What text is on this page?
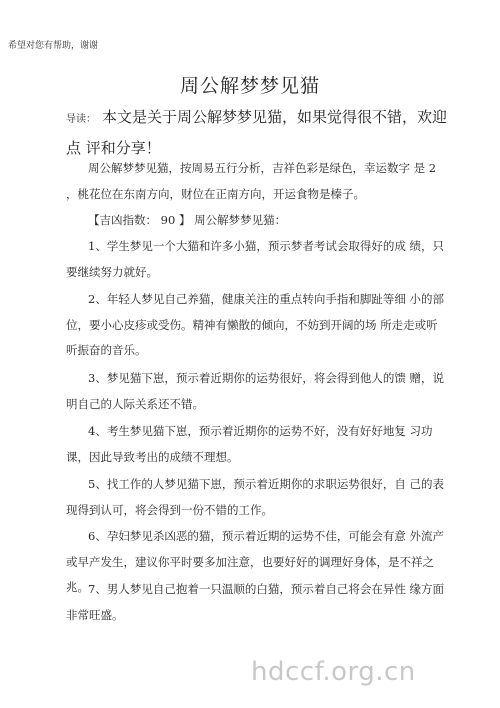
希望对您有帮助，谢谢
周公解梦梦见猫
导读： 本文是关于周公解梦梦见猫，如果觉得很不错，欢迎点 评和分享！

周公解梦梦见猫，按周易五行分析，吉祥色彩是绿色，幸运数字 是 2 ，桃花位在东南方向，财位在正南方向，开运食物是榛子。

【吉凶指数： 90 】 周公解梦梦见猫：

1、学生梦见一个大猫和许多小猫，预示梦者考试会取得好的成 绩，只要继续努力就好。

2、年轻人梦见自己养猫，健康关注的重点转向手指和脚趾等细 小的部位，要小心皮疹或受伤。精神有懒散的倾向，不妨到开阔的场 所走走或听听振奋的音乐。

3、梦见猫下崽，预示着近期你的运势很好，将会得到他人的馈 赠，说明自己的人际关系还不错。

4、考生梦见猫下崽，预示着近期你的运势不好，没有好好地复 习功课，因此导致考出的成绩不理想。

5、找工作的人梦见猫下崽，预示着近期你的求职运势很好，自 己的表现得到认可，将会得到一份不错的工作。

6、孕妇梦见杀凶恶的猫，预示着近期的运势不佳，可能会有意 外流产或早产发生，建议你平时要多加注意，也要好好的调理好身体，是不祥之兆。 7、男人梦见自己抱着一只温顺的白猫，预示着自己将会在异性 缘方面非常旺盛。

hdccf.org.cn
